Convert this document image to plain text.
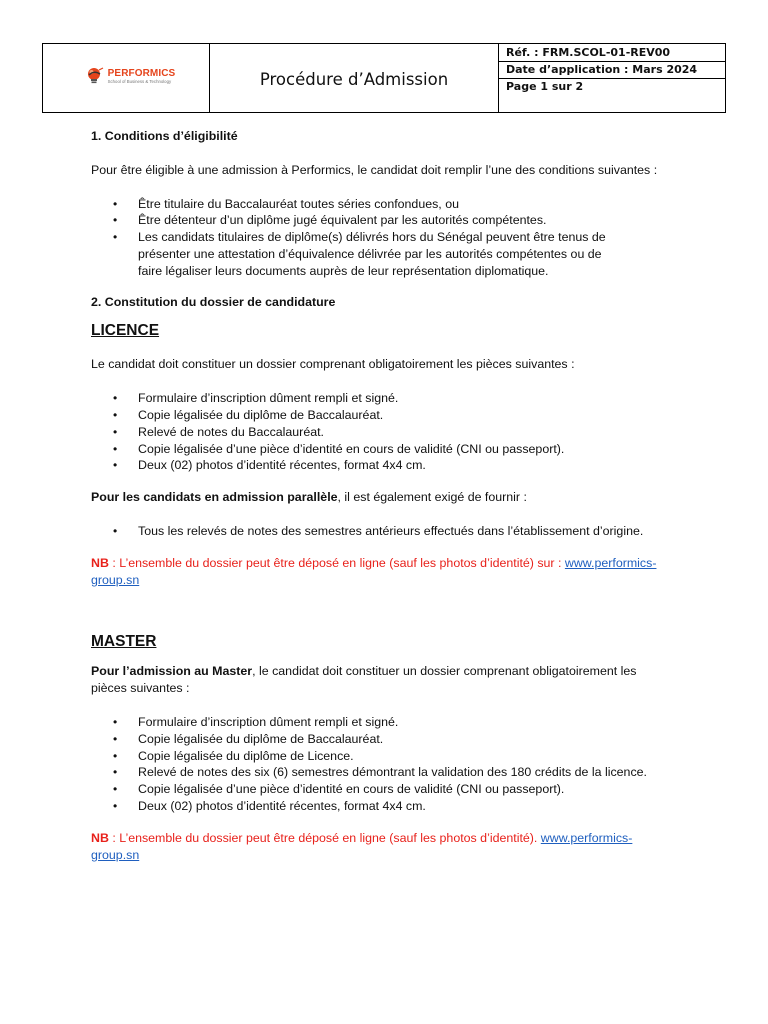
PERFORMICS
School of Business & Technology	Procédure d’Admission
Réf. : FRM.SCOL-01-REV00
Date d’application : Mars 2024
Page 1 sur 2

1. Conditions d’éligibilité

Pour être éligible à une admission à Performics, le candidat doit remplir l’une des conditions suivantes :

• Être titulaire du Baccalauréat toutes séries confondues, ou
• Être détenteur d’un diplôme jugé équivalent par les autorités compétentes.
• Les candidats titulaires de diplôme(s) délivrés hors du Sénégal peuvent être tenus de présenter une attestation d’équivalence délivrée par les autorités compétentes ou de faire légaliser leurs documents auprès de leur représentation diplomatique.

2. Constitution du dossier de candidature

LICENCE

Le candidat doit constituer un dossier comprenant obligatoirement les pièces suivantes :

• Formulaire d’inscription dûment rempli et signé.
• Copie légalisée du diplôme de Baccalauréat.
• Relevé de notes du Baccalauréat.
• Copie légalisée d’une pièce d’identité en cours de validité (CNI ou passeport).
• Deux (02) photos d’identité récentes, format 4x4 cm.

Pour les candidats en admission parallèle, il est également exigé de fournir :

• Tous les relevés de notes des semestres antérieurs effectués dans l’établissement d’origine.

NB : L’ensemble du dossier peut être déposé en ligne (sauf les photos d’identité) sur : www.performics-group.sn

MASTER

Pour l’admission au Master, le candidat doit constituer un dossier comprenant obligatoirement les pièces suivantes :

• Formulaire d’inscription dûment rempli et signé.
• Copie légalisée du diplôme de Baccalauréat.
• Copie légalisée du diplôme de Licence.
• Relevé de notes des six (6) semestres démontrant la validation des 180 crédits de la licence.
• Copie légalisée d’une pièce d’identité en cours de validité (CNI ou passeport).
• Deux (02) photos d’identité récentes, format 4x4 cm.

NB : L’ensemble du dossier peut être déposé en ligne (sauf les photos d’identité). www.performics-group.sn
